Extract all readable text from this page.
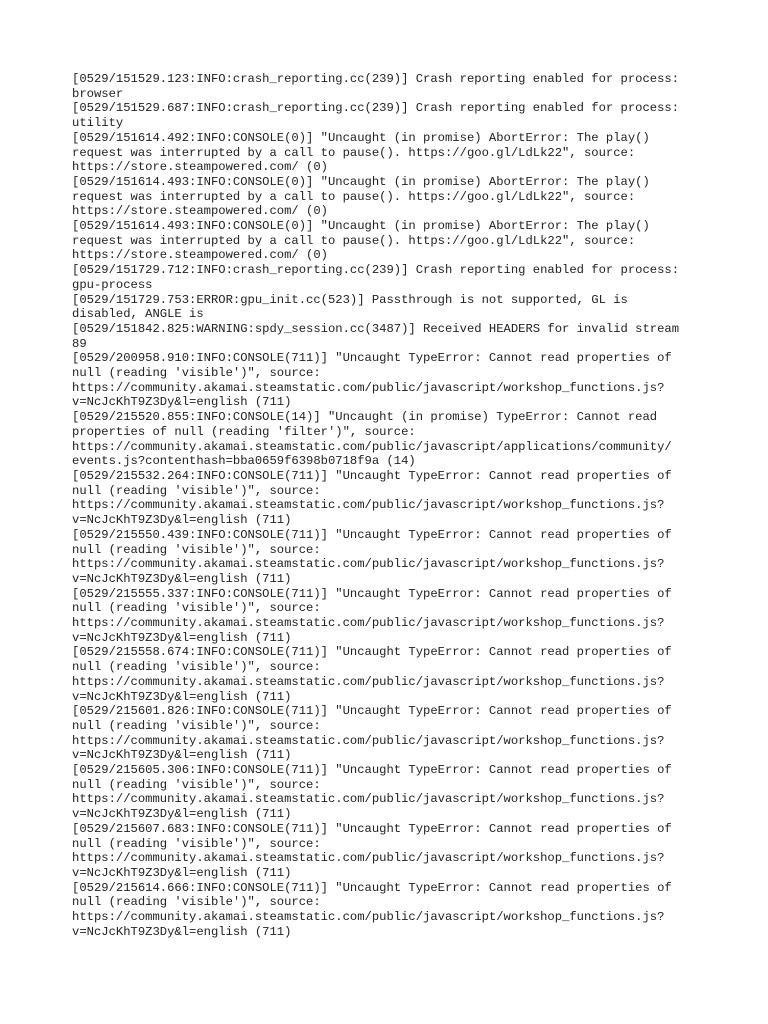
[0529/151529.123:INFO:crash_reporting.cc(239)] Crash reporting enabled for process:
browser
[0529/151529.687:INFO:crash_reporting.cc(239)] Crash reporting enabled for process:
utility
[0529/151614.492:INFO:CONSOLE(0)] "Uncaught (in promise) AbortError: The play()
request was interrupted by a call to pause(). https://goo.gl/LdLk22", source:
https://store.steampowered.com/ (0)
[0529/151614.493:INFO:CONSOLE(0)] "Uncaught (in promise) AbortError: The play()
request was interrupted by a call to pause(). https://goo.gl/LdLk22", source:
https://store.steampowered.com/ (0)
[0529/151614.493:INFO:CONSOLE(0)] "Uncaught (in promise) AbortError: The play()
request was interrupted by a call to pause(). https://goo.gl/LdLk22", source:
https://store.steampowered.com/ (0)
[0529/151729.712:INFO:crash_reporting.cc(239)] Crash reporting enabled for process:
gpu-process
[0529/151729.753:ERROR:gpu_init.cc(523)] Passthrough is not supported, GL is
disabled, ANGLE is
[0529/151842.825:WARNING:spdy_session.cc(3487)] Received HEADERS for invalid stream
89
[0529/200958.910:INFO:CONSOLE(711)] "Uncaught TypeError: Cannot read properties of
null (reading 'visible')", source:
https://community.akamai.steamstatic.com/public/javascript/workshop_functions.js?
v=NcJcKhT9Z3Dy&l=english (711)
[0529/215520.855:INFO:CONSOLE(14)] "Uncaught (in promise) TypeError: Cannot read
properties of null (reading 'filter')", source:
https://community.akamai.steamstatic.com/public/javascript/applications/community/
events.js?contenthash=bba0659f6398b0718f9a (14)
[0529/215532.264:INFO:CONSOLE(711)] "Uncaught TypeError: Cannot read properties of
null (reading 'visible')", source:
https://community.akamai.steamstatic.com/public/javascript/workshop_functions.js?
v=NcJcKhT9Z3Dy&l=english (711)
[0529/215550.439:INFO:CONSOLE(711)] "Uncaught TypeError: Cannot read properties of
null (reading 'visible')", source:
https://community.akamai.steamstatic.com/public/javascript/workshop_functions.js?
v=NcJcKhT9Z3Dy&l=english (711)
[0529/215555.337:INFO:CONSOLE(711)] "Uncaught TypeError: Cannot read properties of
null (reading 'visible')", source:
https://community.akamai.steamstatic.com/public/javascript/workshop_functions.js?
v=NcJcKhT9Z3Dy&l=english (711)
[0529/215558.674:INFO:CONSOLE(711)] "Uncaught TypeError: Cannot read properties of
null (reading 'visible')", source:
https://community.akamai.steamstatic.com/public/javascript/workshop_functions.js?
v=NcJcKhT9Z3Dy&l=english (711)
[0529/215601.826:INFO:CONSOLE(711)] "Uncaught TypeError: Cannot read properties of
null (reading 'visible')", source:
https://community.akamai.steamstatic.com/public/javascript/workshop_functions.js?
v=NcJcKhT9Z3Dy&l=english (711)
[0529/215605.306:INFO:CONSOLE(711)] "Uncaught TypeError: Cannot read properties of
null (reading 'visible')", source:
https://community.akamai.steamstatic.com/public/javascript/workshop_functions.js?
v=NcJcKhT9Z3Dy&l=english (711)
[0529/215607.683:INFO:CONSOLE(711)] "Uncaught TypeError: Cannot read properties of
null (reading 'visible')", source:
https://community.akamai.steamstatic.com/public/javascript/workshop_functions.js?
v=NcJcKhT9Z3Dy&l=english (711)
[0529/215614.666:INFO:CONSOLE(711)] "Uncaught TypeError: Cannot read properties of
null (reading 'visible')", source:
https://community.akamai.steamstatic.com/public/javascript/workshop_functions.js?
v=NcJcKhT9Z3Dy&l=english (711)
